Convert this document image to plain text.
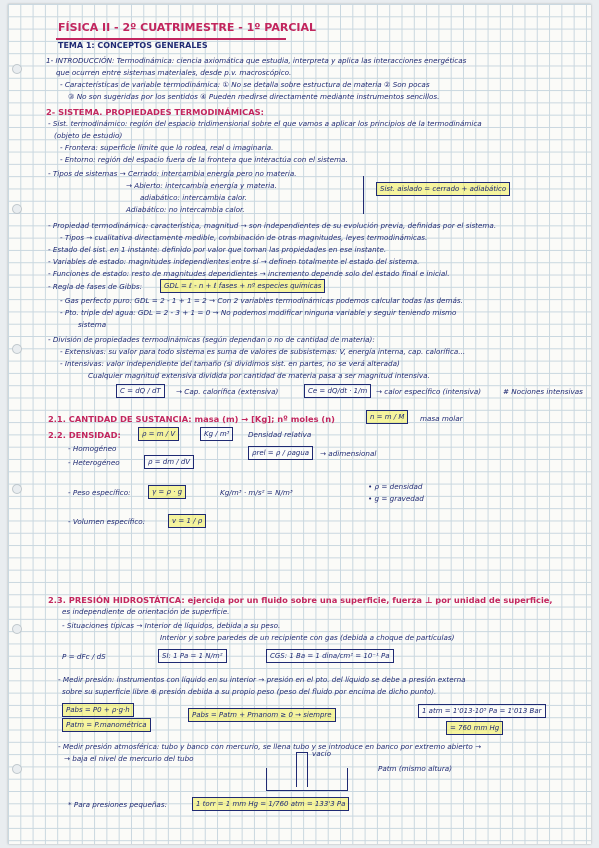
FÍSICA II - 2º CUATRIMESTRE - 1º PARCIAL
TEMA 1: CONCEPTOS GENERALES
1- INTRODUCCIÓN: Termodinámica: ciencia axiomática que estudia, interpreta y aplica las interacciones energéticas
que ocurren entre sistemas materiales, desde p.v. macroscópico.
- Características de variable termodinámica: ① No se detalla sobre estructura de materia ② Son pocas
③ No son sugeridas por los sentidos ④ Pueden medirse directamente mediante instrumentos sencillos.
2- SISTEMA. PROPIEDADES TERMODINÁMICAS:
- Sist. termodinámico: región del espacio tridimensional sobre el que vamos a aplicar los principios de la termodinámica
(objeto de estudio)
- Frontera: superficie límite que lo rodea, real o imaginaria.
- Entorno: región del espacio fuera de la frontera que interactúa con el sistema.
- Tipos de sistemas → Cerrado: intercambia energía pero no materia.
→ Abierto: intercambia energía y materia.
adiabático: intercambia calor.
Adiabático: no intercambia calor.
Sist. aislado = cerrado + adiabático
- Propiedad termodinámica: característica, magnitud → son independientes de su evolución previa, definidas por el sistema.
- Tipos → cualitativa directamente medible, combinación de otras magnitudes, leyes termodinámicas.
- Estado del sist. en 1 instante: definido por valor que toman las propiedades en ese instante.
- Variables de estado: magnitudes independientes entre sí → definen totalmente el estado del sistema.
- Funciones de estado: resto de magnitudes dependientes → incremento depende solo del estado final e inicial.
- Regla de fases de Gibbs:	GDL = ℓ - n + ℓ fases + nº especies químicas
- Gas perfecto puro: GDL = 2 - 1 + 1 = 2 → Con 2 variables termodinámicas podemos calcular todas las demás.
- Pto. triple del agua: GDL = 2 - 3 + 1 = 0 → No podemos modificar ninguna variable y seguir teniendo mismo
sistema
- División de propiedades termodinámicas (según dependan o no de cantidad de materia):
- Extensivas: su valor para todo sistema es suma de valores de subsistemas: V, energía interna, cap. calorífica...
- Intensivas: valor independiente del tamaño (si dividimos sist. en partes, no se verá alterada)
Cualquier magnitud extensiva dividida por cantidad de materia pasa a ser magnitud intensiva.
C = dQ / dT	→ Cap. calorífica (extensiva)	Ce = dQ/dt · 1/m	→ calor específico (intensiva)	# Nociones intensivas
2.1. CANTIDAD DE SUSTANCIA: masa (m) → [Kg]; nº moles (n)	n = m / M	masa molar
2.2. DENSIDAD:	ρ = m / V	Kg / m³	Densidad relativa
- Homogéneo
- Heterogéneo	ρ = dm / dV
ρrel = ρ / ρagua	→ adimensional
- Peso específico:	γ = ρ · g	Kg/m³ · m/s² = N/m³
• ρ = densidad
• g = gravedad
- Volumen específico:	v = 1 / ρ
2.3. PRESIÓN HIDROSTÁTICA: ejercida por un fluido sobre una superficie, fuerza ⊥ por unidad de superficie,
es independiente de orientación de superficie.
- Situaciones típicas → Interior de líquidos, debida a su peso.
Interior y sobre paredes de un recipiente con gas (debida a choque de partículas)
P = dFc / dS	SI: 1 Pa = 1 N/m²	CGS: 1 Ba = 1 dina/cm² = 10⁻¹ Pa
- Medir presión: instrumentos con líquido en su interior → presión en el pto. del líquido se debe a presión externa
sobre su superficie libre ⊕ presión debida a su propio peso (peso del fluido por encima de dicho punto).
Pabs = P0 + ρ·g·h
Patm = P.manométrica
Pabs = Patm + Pmanom ≥ 0 → siempre	1 atm = 1'013·10⁵ Pa = 1'013 Bar
= 760 mm Hg
- Medir presión atmosférica: tubo y banco con mercurio, se llena tubo y se introduce en banco por extremo abierto →
→ baja el nivel de mercurio del tubo
vacío
Patm (mismo altura)
* Para presiones pequeñas:	1 torr = 1 mm Hg = 1/760 atm = 133'3 Pa
